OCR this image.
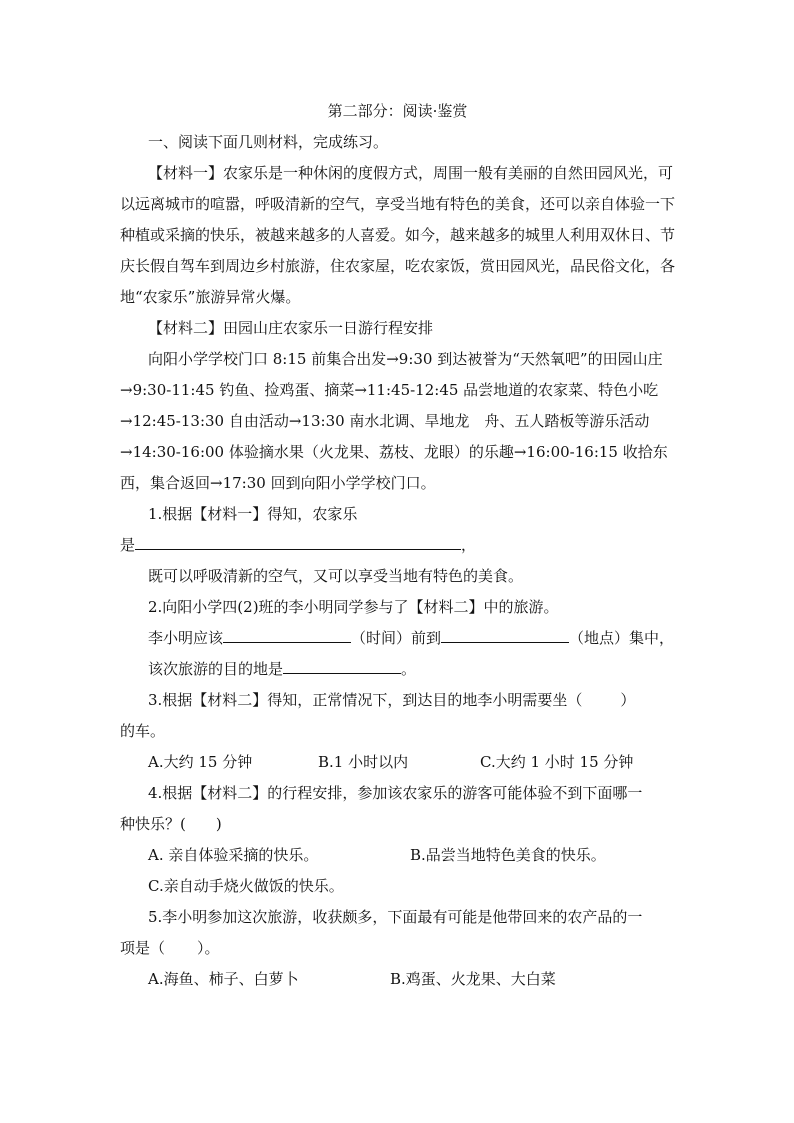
第二部分：阅读·鉴赏

一、阅读下面几则材料，完成练习。

【材料一】农家乐是一种休闲的度假方式，周围一般有美丽的自然田园风光，可以远离城市的喧嚣，呼吸清新的空气，享受当地有特色的美食，还可以亲自体验一下种植或采摘的快乐，被越来越多的人喜爱。如今，越来越多的城里人利用双休日、节庆长假自驾车到周边乡村旅游，住农家屋，吃农家饭，赏田园风光，品民俗文化，各地“农家乐”旅游异常火爆。

【材料二】田园山庄农家乐一日游行程安排

向阳小学学校门口 8:15 前集合出发→9:30 到达被誉为“天然氧吧”的田园山庄→9:30-11:45 钓鱼、捡鸡蛋、摘菜→11:45-12:45 品尝地道的农家菜、特色小吃→12:45-13:30 自由活动→13:30 南水北调、旱地龙　舟、五人踏板等游乐活动→14:30-16:00 体验摘水果（火龙果、荔枝、龙眼）的乐趣→16:00-16:15 收拾东西，集合返回→17:30 回到向阳小学学校门口。

1.根据【材料一】得知，农家乐

是	，

既可以呼吸清新的空气，又可以享受当地有特色的美食。

2.向阳小学四(2)班的李小明同学参与了【材料二】中的旅游。

李小明应该	（时间）前到	（地点）集中，

该次旅游的目的地是	。

3.根据【材料二】得知，正常情况下，到达目的地李小明需要坐（	）

的车。

A.大约 15 分钟	B.1 小时以内	C.大约 1 小时 15 分钟

4.根据【材料二】的行程安排，参加该农家乐的游客可能体验不到下面哪一

种快乐？( )

A. 亲自体验采摘的快乐。	B.品尝当地特色美食的快乐。
C.亲自动手烧火做饭的快乐。

5.李小明参加这次旅游，收获颇多，下面最有可能是他带回来的农产品的一

项是（ ）。

A.海鱼、柿子、白萝卜	B.鸡蛋、火龙果、大白菜
